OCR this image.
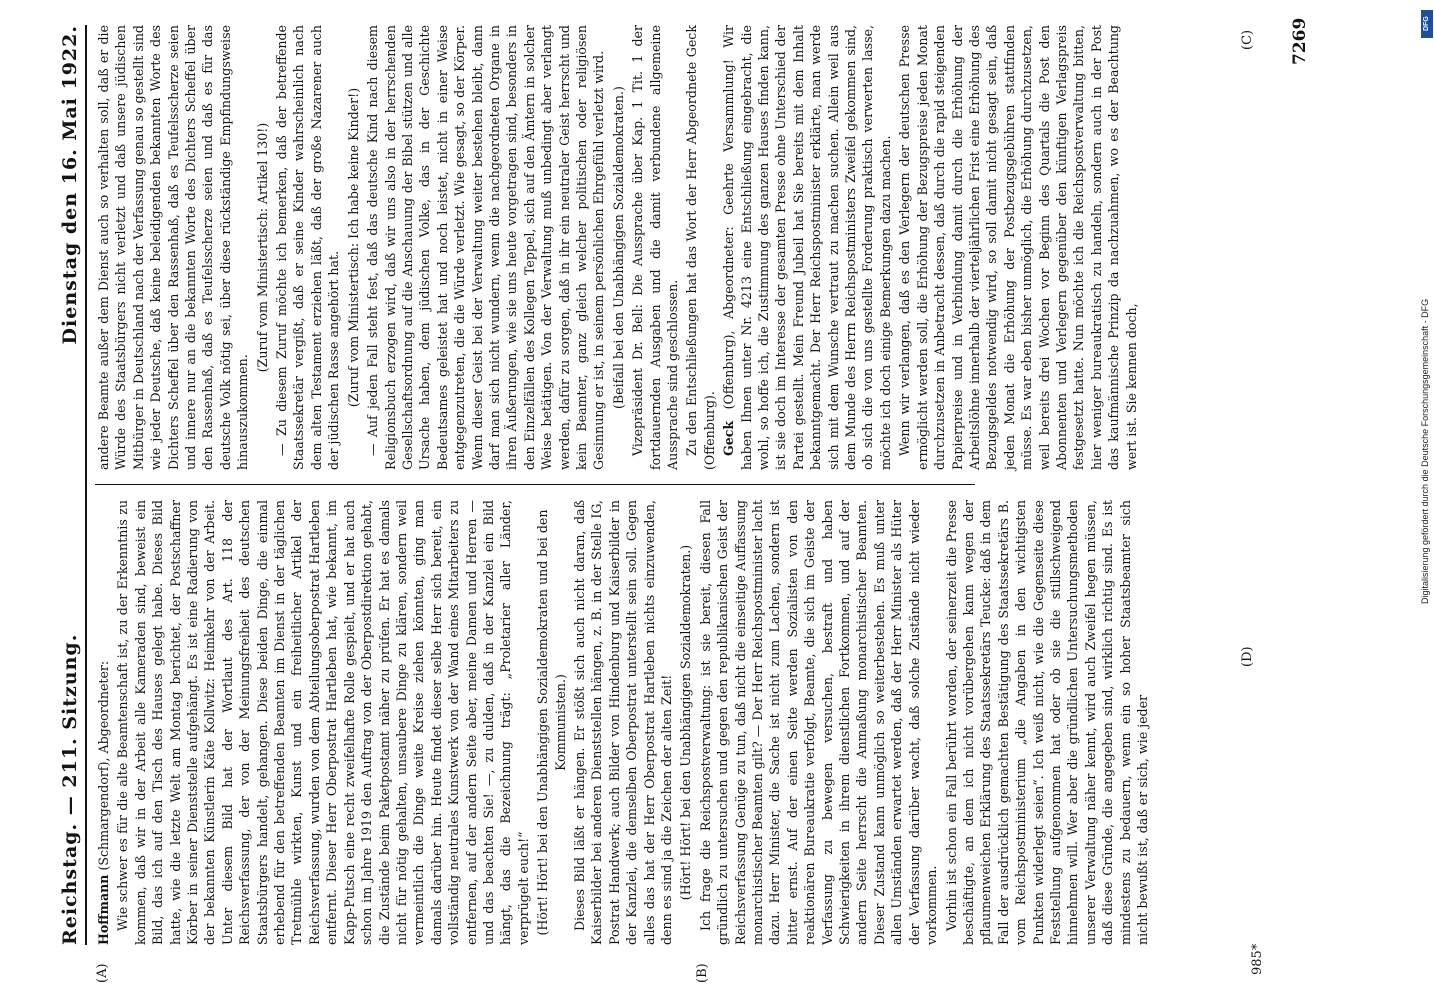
Reichstag. — 211. Sitzung.
Dienstag den 16. Mai 1922.

Hoffmann (Schmargendorf), Abgeordneter: Wie schwer es für die alte Beamtenschaft ist, zu der Erkenntnis zu kommen, daß wir in der Arbeit alle Kameraden sind, beweist ein Bild, das ich auf den Tisch des Hauses gelegt habe. Dieses Bild hatte, wie die letzte Welt am Montag berichtet, der Postschaffner Körber in seiner Dienststelle aufgehängt. Es ist eine Radierung von der bekannten Künstlerin Käte Kollwitz: Heimkehr von der Arbeit. Unter diesem Bild hat der Wortlaut des Art. 118 der Reichsverfassung, der von der Meinungsfreiheit des deutschen Staatsbürgers handelt, gehangen. Diese beiden Dinge, die einmal erhebend für den betreffenden Beamten im Dienst in der täglichen Tretmühle wirkten, Kunst und ein freiheitlicher Artikel der Reichsverfassung, wurden von dem Abteilungsoberpostrat Hartleben entfernt. Dieser Herr Oberpostrat Hartleben hat, wie bekannt, im Kapp-Putsch eine recht zweifelhafte Rolle gespielt, und er hat auch schon im Jahre 1919 den Auftrag von der Oberpostdirektion gehabt, die Zustände beim Paketpostamt näher zu prüfen. Er hat es damals nicht für nötig gehalten, unsaubere Dinge zu klären, sondern weil vermeintlich die Dinge weite Kreise ziehen könnten, ging man damals darüber hin. Heute findet dieser selbe Herr sich bereit, ein vollständig neutrales Kunstwerk von der Wand eines Mitarbeiters zu entfernen, auf der andern Seite aber, meine Damen und Herren — und das beachten Sie! —, zu dulden, daß in der Kanzlei ein Bild hängt, das die Bezeichnung trägt: „Proletarier aller Länder, verprügelt euch!“ (Hört! Hört! bei den Unabhängigen Sozialdemokraten und bei den Kommunisten.) Dieses Bild läßt er hängen. Er stößt sich auch nicht daran, daß Kaiserbilder bei anderen Dienststellen hängen, z. B. in der Stelle IG, Postrat Handwerk; auch Bilder von Hindenburg und Kaiserbilder in der Kanzlei, die demselben Oberpostrat unterstellt sein soll. Gegen alles das hat der Herr Oberpostrat Hartleben nichts einzuwenden, denn es sind ja die Zeichen der alten Zeit! (Hört! Hört! bei den Unabhängigen Sozialdemokraten.) Ich frage die Reichspostverwaltung: ist sie bereit, diesen Fall gründlich zu untersuchen und gegen den republikanischen Geist der Reichsverfassung Genüge zu tun, daß nicht die einseitige Auffassung monarchistischer Beamten gilt? — Der Herr Reichspostminister lacht dazu. Herr Minister, die Sache ist nicht zum Lachen, sondern ist bitter ernst. Auf der einen Seite werden Sozialisten von den reaktionären Bureaukratie verfolgt, Beamte, die sich im Geiste der Verfassung zu bewegen versuchen, bestraft und haben Schwierigkeiten in ihrem dienstlichen Fortkommen, und auf der andern Seite herrscht die Anmaßung monarchistischer Beamten. Dieser Zustand kann unmöglich so weiterbestehen. Es muß unter allen Umständen erwartet werden, daß der Herr Minister als Hüter der Verfassung darüber wacht, daß solche Zustände nicht wieder vorkommen. Vorhin ist schon ein Fall berührt worden, der seinerzeit die Presse beschäftigte, an dem ich nicht vorübergehen kann wegen der pflaumenweichen Erklärung des Staatssekretärs Teucke: daß in dem Fall der ausdrücklich gemachten Bestätigung des Staatssekretärs B. vom Reichspostministerium „die Angaben in den wichtigsten Punkten widerlegt seien“. Ich weiß nicht, wie die Gegenseite diese Feststellung aufgenommen hat oder ob sie die stillschweigend hinnehmen will. Wer aber die gründlichen Untersuchungsmethoden unserer Verwaltung näher kennt, wird auch Zweifel hegen müssen, daß diese Gründe, die angegeben sind, wirklich richtig sind. Es ist mindestens zu bedauern, wenn ein so hoher Staatsbeamter sich nicht bewußt ist, daß er sich, wie jeder

andere Beamte außer dem Dienst auch so verhalten soll, daß er die Würde des Staatsbürgers nicht verletzt und daß unsere jüdischen Mitbürger in Deutschland nach der Verfassung genau so gestellt sind wie jeder Deutsche, daß keine beleidigenden bekannten Worte des Dichters Scheffel über den Rassenhaß, daß es Teufelsscherze seien und innere nur an die bekannten Worte des Dichters Scheffel über den Rassenhaß, daß es Teufelsscherze seien und daß es für das deutsche Volk nötig sei, über diese rückständige Empfindungsweise hinauszukommen.

(Zuruf vom Ministertisch: Artikel 130!) — Zu diesem Zuruf möchte ich bemerken, daß der betreffende Staatssekretär vergißt, daß er seine Kinder wahrscheinlich nach dem alten Testament erziehen läßt, daß der große Nazarener auch der jüdischen Rasse angehört hat. (Zuruf vom Ministertisch: Ich habe keine Kinder!) — Auf jeden Fall steht fest, daß das deutsche Kind nach diesem Religionsbuch erzogen wird, daß wir uns also in der herrschenden Gesellschaftsordnung auf die Anschauung der Bibel stützen und alle Ursache haben, dem jüdischen Volke, das in der Geschichte Bedeutsames geleistet hat und noch leistet, nicht in einer Weise entgegenzutreten, die die Würde verletzt. Wie gesagt, so der Körper. Wenn dieser Geist bei der Verwaltung weiter bestehen bleibt, dann darf man sich nicht wundern, wenn die nachgeordneten Organe in ihren Äußerungen, wie sie uns heute vorgetragen sind, besonders in den Einzelfällen des Kollegen Teppel, sich auf den Ämtern in solcher Weise betätigen. Von der Verwaltung muß unbedingt aber verlangt werden, dafür zu sorgen, daß in ihr ein neutraler Geist herrscht und kein Beamter, ganz gleich welcher politischen oder religiösen Gesinnung er ist, in seinem persönlichen Ehrgefühl verletzt wird. (Beifall bei den Unabhängigen Sozialdemokraten.) Vizepräsident Dr. Bell: Die Aussprache über Kap. 1 Tit. 1 der fortdauernden Ausgaben und die damit verbundene allgemeine Aussprache sind geschlossen. Zu den Entschließungen hat das Wort der Herr Abgeordnete Geck (Offenburg). Geck (Offenburg), Abgeordneter: Geehrte Versammlung! Wir haben Ihnen unter Nr. 4213 eine Entschließung eingebracht, die wohl, so hoffe ich, die Zustimmung des ganzen Hauses finden kann, ist sie doch im Interesse der gesamten Presse ohne Unterschied der Partei gestellt. Mein Freund Jubeil hat Sie bereits mit dem Inhalt bekanntgemacht. Der Herr Reichspostminister erklärte, man werde sich mit dem Wunsche vertraut zu machen suchen. Allein weil aus dem Munde des Herrn Reichspostministers Zweifel gekommen sind, ob sich die von uns gestellte Forderung praktisch verwerten lasse, möchte ich doch einige Bemerkungen dazu machen. Wenn wir verlangen, daß es den Verlegern der deutschen Presse ermöglicht werden soll, die Erhöhung der Bezugspreise jeden Monat durchzusetzen in Anbetracht dessen, daß durch die rapid steigenden Papierpreise und in Verbindung damit durch die Erhöhung der Arbeitslöhne innerhalb der vierteljährlichen Frist eine Erhöhung des Bezugsgeldes notwendig wird, so soll damit nicht gesagt sein, daß jeden Monat die Erhöhung der Postbezugsgebühren stattfinden müsse. Es war eben bisher unmöglich, die Erhöhung durchzusetzen, weil bereits drei Wochen vor Beginn des Quartals die Post den Abonnenten und Verlegern gegenüber den künftigen Verlagspreis festgesetzt hatte. Nun möchte ich die Reichspostverwaltung bitten, hier weniger bureaukratisch zu handeln, sondern auch in der Post das kaufmännische Prinzip da nachzuahmen, wo es der Beachtung wert ist. Sie kennen doch,

(A)	(B)
(C)
(D)
7269
985*
DFG
Digitalisierung gefördert durch die Deutsche Forschungsgemeinschaft - DFG
